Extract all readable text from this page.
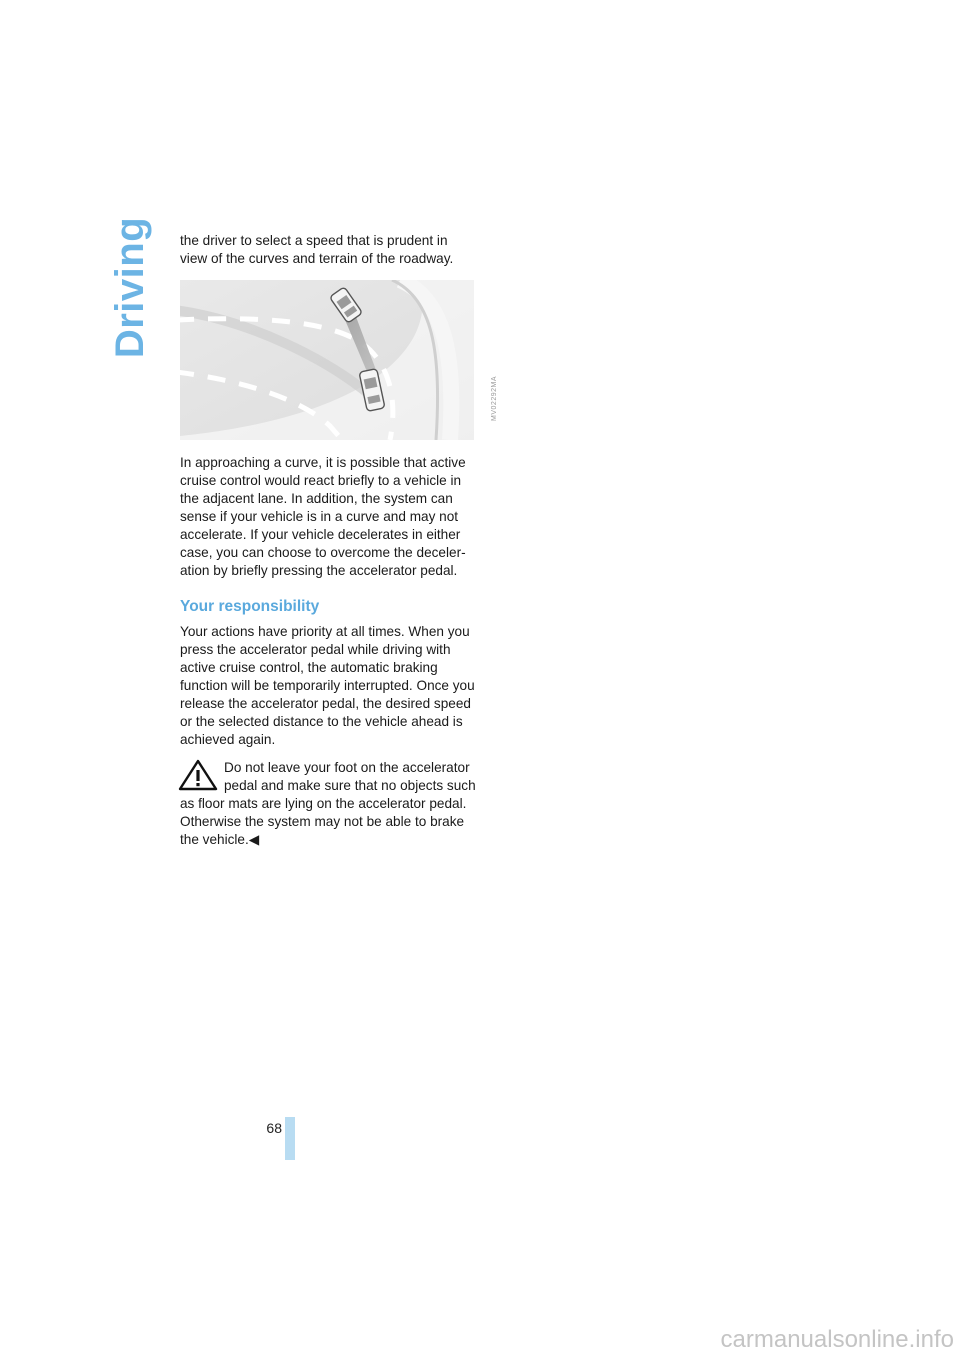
Driving the driver to select a speed that is prudent in view of the curves and terrain of the roadway.

MV02292MA

In approaching a curve, it is possible that active cruise control would react briefly to a vehicle in the adjacent lane. In addition, the system can sense if your vehicle is in a curve and may not accelerate. If your vehicle decelerates in either case, you can choose to overcome the deceler-ation by briefly pressing the accelerator pedal.

Your responsibility

Your actions have priority at all times. When you press the accelerator pedal while driving with active cruise control, the automatic braking function will be temporarily interrupted. Once you release the accelerator pedal, the desired speed or the selected distance to the vehicle ahead is achieved again.

Do not leave your foot on the accelerator pedal and make sure that no objects such as floor mats are lying on the accelerator pedal. Otherwise the system may not be able to brake the vehicle.◀

68
carmanualsonline.info
